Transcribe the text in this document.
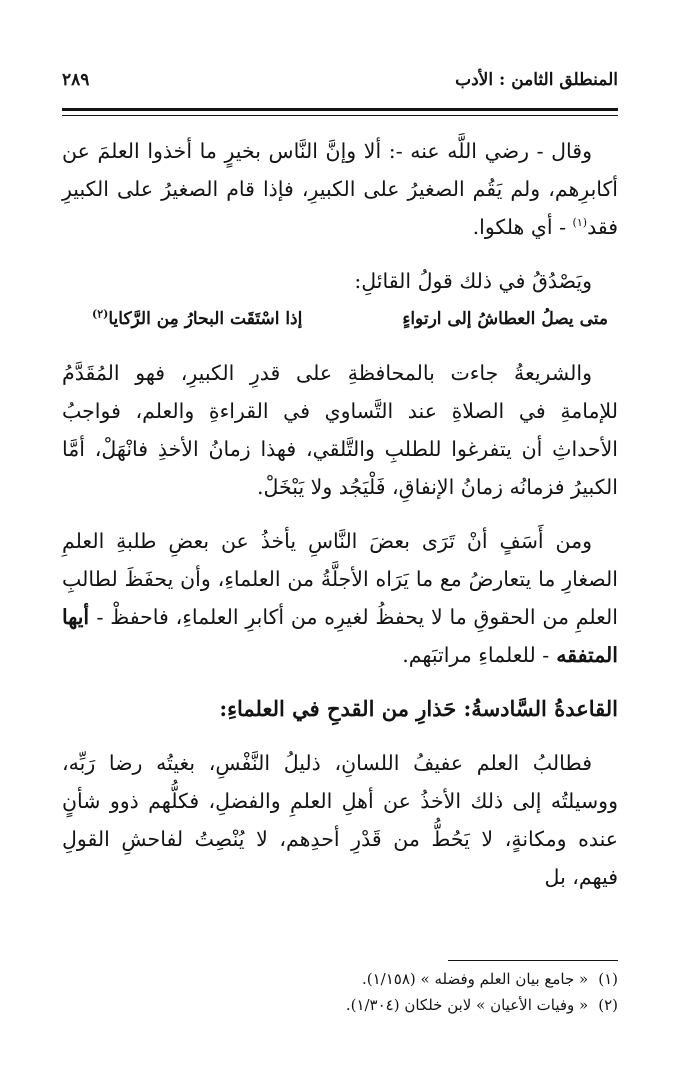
المنطلق الثامن : الأدب
٢٨٩

وقال - رضي اللَّه عنه -: ألا وإنَّ النَّاس بخيرٍ ما أخذوا العلمَ عن أكابرِهم، ولم يَقُم الصغيرُ على الكبيرِ، فإذا قام الصغيرُ على الكبيرِ فقد$^{(١)}$ - أي هلكوا.

ويَصْدُقُ في ذلك قولُ القائلِ:

متى يصلُ العطاشُ إلى ارتواءٍ
إذا اسْتَقَت البحارُ مِن الرَّكايا$^{(٢)}$

والشريعةُ جاءت بالمحافظةِ على قدرِ الكبيرِ، فهو المُقَدَّمُ للإمامةِ في الصلاةِ عند التَّساوي في القراءةِ والعلم، فواجبُ الأحداثِ أن يتفرغوا للطلبِ والتَّلقي، فهذا زمانُ الأخذِ فانْهَلْ، أمَّا الكبيرُ فزمانُه زمانُ الإنفاقِ، فَلْيَجُد ولا يَبْخَلْ.

ومن أَسَفٍ أنْ تَرَى بعضَ النَّاسِ يأخذُ عن بعضِ طلبةِ العلمِ الصغارِ ما يتعارضُ مع ما يَرَاه الأجلَّةُ من العلماءِ، وأن يحفَظَ لطالبِ العلمِ من الحقوقِ ما لا يحفظُ لغيرِه من أكابرِ العلماءِ، فاحفظْ - أيها المتفقه - للعلماءِ مراتبَهم.

القاعدةُ السَّادسةُ: حَذارِ من القدحِ في العلماءِ:

فطالبُ العلم عفيفُ اللسانِ، ذليلُ النَّفْسِ، بغيتُه رضا رَبِّه، ووسيلتُه إلى ذلك الأخذُ عن أهلِ العلمِ والفضلِ، فكلُّهم ذوو شأنٍ عنده ومكانةٍ، لا يَحُطُّ من قَدْرِ أحدِهم، لا يُنْصِتُ لفاحشِ القولِ فيهم، بل

(١)
« جامع بيان العلم وفضله » (١/١٥٨).
(٢)
« وفيات الأعيان » لابن خلكان (١/٣٠٤).
